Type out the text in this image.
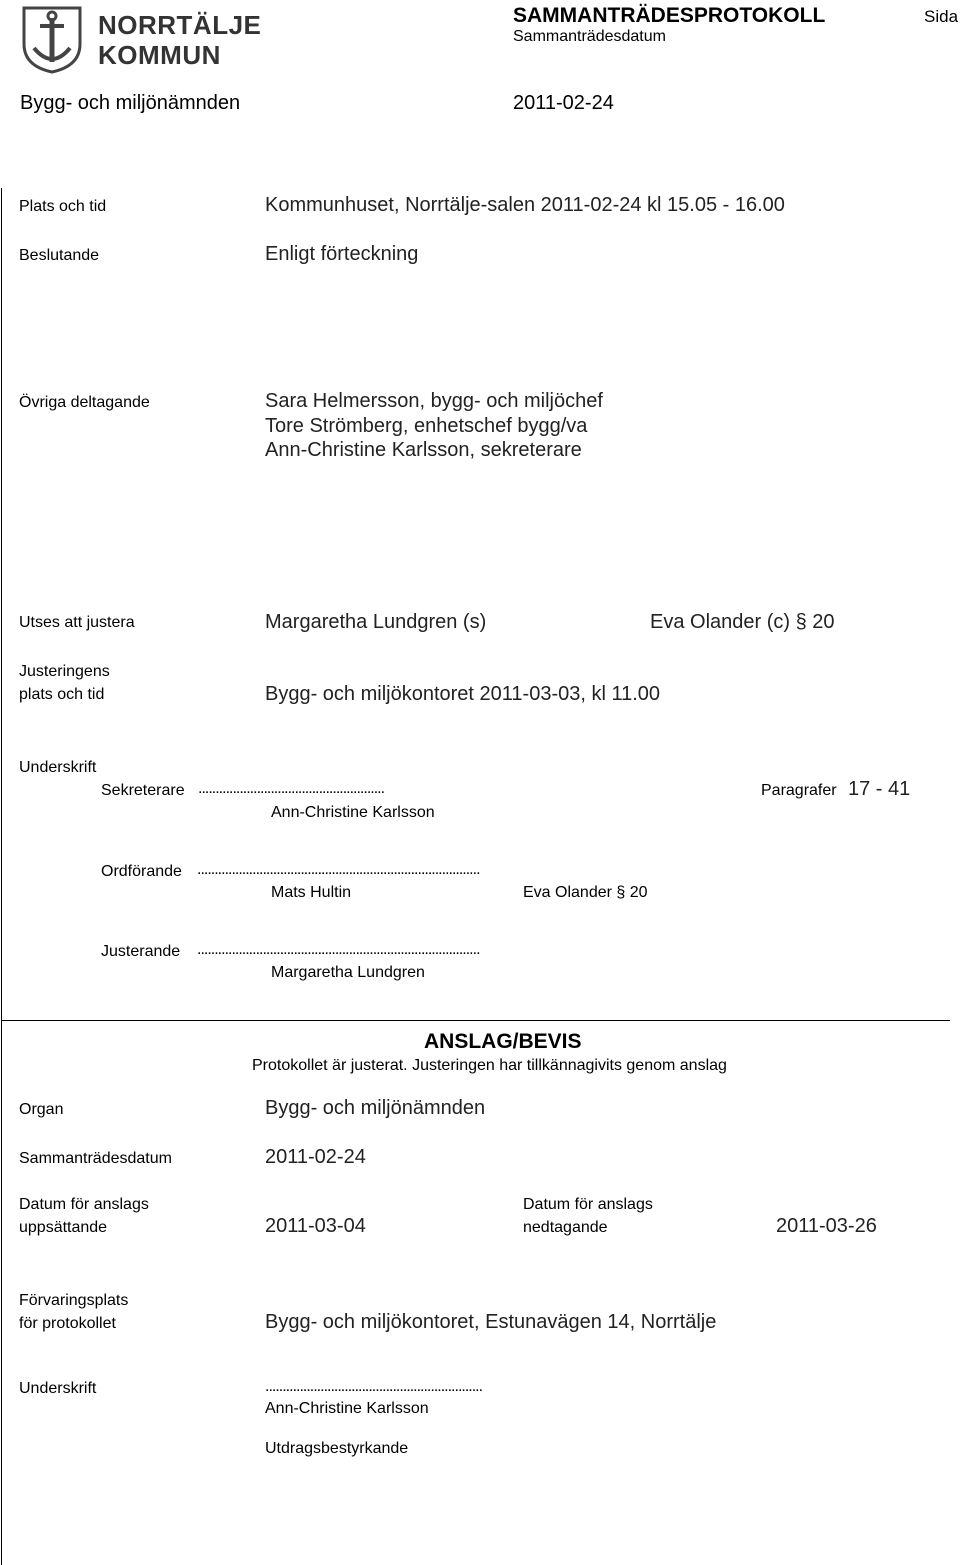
NORRTÄLJE
KOMMUN
SAMMANTRÄDESPROTOKOLL
Sammanträdesdatum
Sida
Bygg- och miljönämnden	2011-02-24
Plats och tid	Kommunhuset, Norrtälje-salen 2011-02-24 kl 15.05 - 16.00
Beslutande	Enligt förteckning
Övriga deltagande	Sara Helmersson, bygg- och miljöchef
Tore Strömberg, enhetschef bygg/va
Ann-Christine Karlsson, sekreterare
Utses att justera	Margaretha Lundgren (s)	Eva Olander (c) § 20
Justeringens
plats och tid	Bygg- och miljökontoret 2011-03-03, kl 11.00
Underskrift
Sekreterare ......................................................
Ann-Christine Karlsson
Paragrafer 17 - 41
Ordförande ..................................................................................
Mats Hultin	Eva Olander § 20
Justerande ..................................................................................
Margaretha Lundgren
ANSLAG/BEVIS
Protokollet är justerat. Justeringen har tillkännagivits genom anslag
Organ	Bygg- och miljönämnden
Sammanträdesdatum	2011-02-24
Datum för anslags
uppsättande	2011-03-04
Datum för anslags
nedtagande	2011-03-26
Förvaringsplats
för protokollet	Bygg- och miljökontoret, Estunavägen 14, Norrtälje
Underskrift	...............................................................
Ann-Christine Karlsson
Utdragsbestyrkande
